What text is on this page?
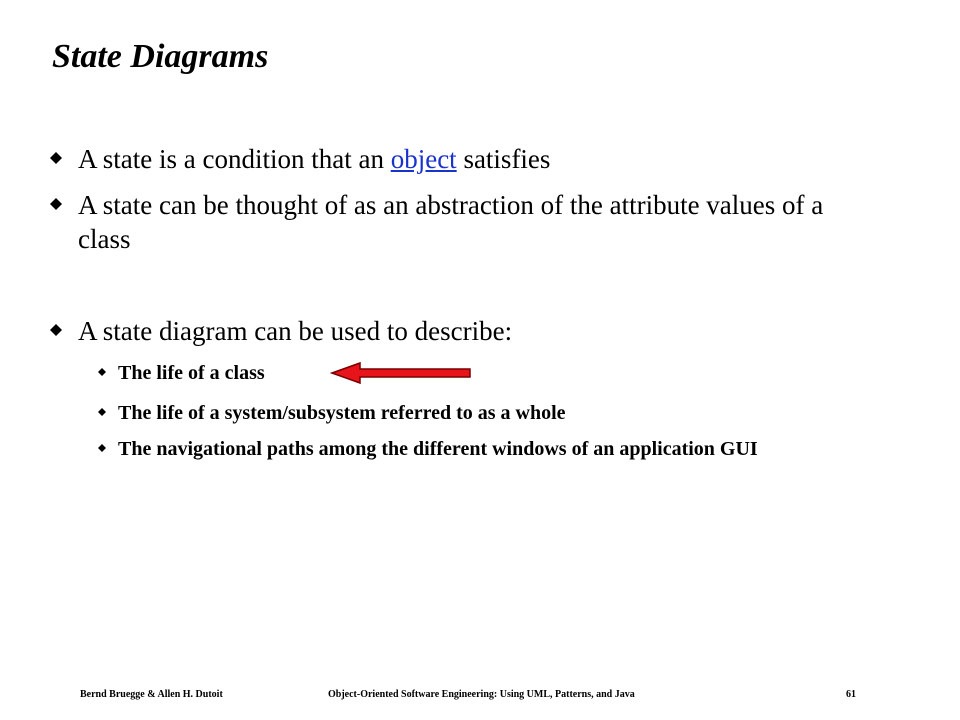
State Diagrams
A state is a condition that an object satisfies
A state can be thought of as an abstraction of the attribute values of a class
A state diagram can be used to describe:
The life of a class
The life of a system/subsystem referred to as a whole
The navigational paths among the different windows of an application GUI
Bernd Bruegge & Allen H. Dutoit	Object-Oriented Software Engineering: Using UML, Patterns, and Java	61
